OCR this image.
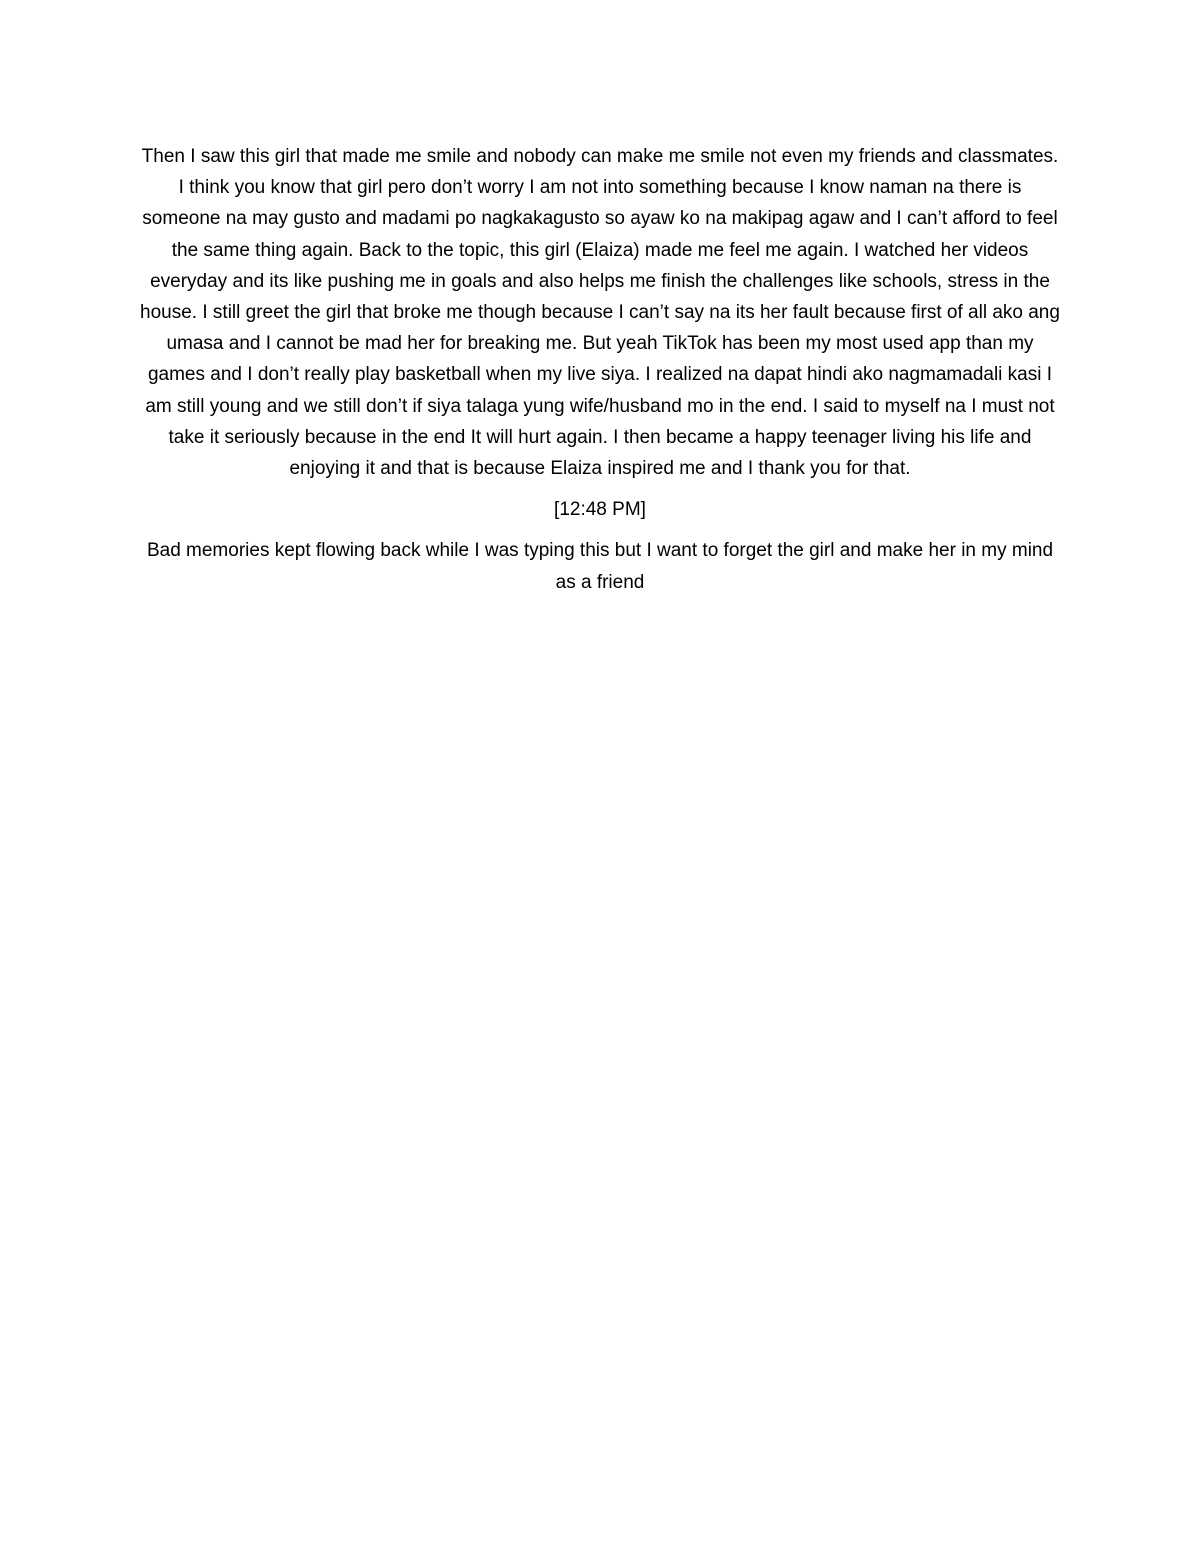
Then I saw this girl that made me smile and nobody can make me smile not even my friends and classmates. I think you know that girl pero don’t worry I am not into something because I know naman na there is someone na may gusto and madami po nagkakagusto so ayaw ko na makipag agaw and I can’t afford to feel the same thing again. Back to the topic, this girl (Elaiza) made me feel me again. I watched her videos everyday and its like pushing me in goals and also helps me finish the challenges like schools, stress in the house. I still greet the girl that broke me though because I can’t say na its her fault because first of all ako ang umasa and I cannot be mad her for breaking me. But yeah TikTok has been my most used app than my games and I don’t really play basketball when my live siya. I realized na dapat hindi ako nagmamadali kasi I am still young and we still don’t if siya talaga yung wife/husband mo in the end. I said to myself na I must not take it seriously because in the end It will hurt again. I then became a happy teenager living his life and enjoying it and that is because Elaiza inspired me and I thank you for that.

[12:48 PM]

Bad memories kept flowing back while I was typing this but I want to forget the girl and make her in my mind as a friend
